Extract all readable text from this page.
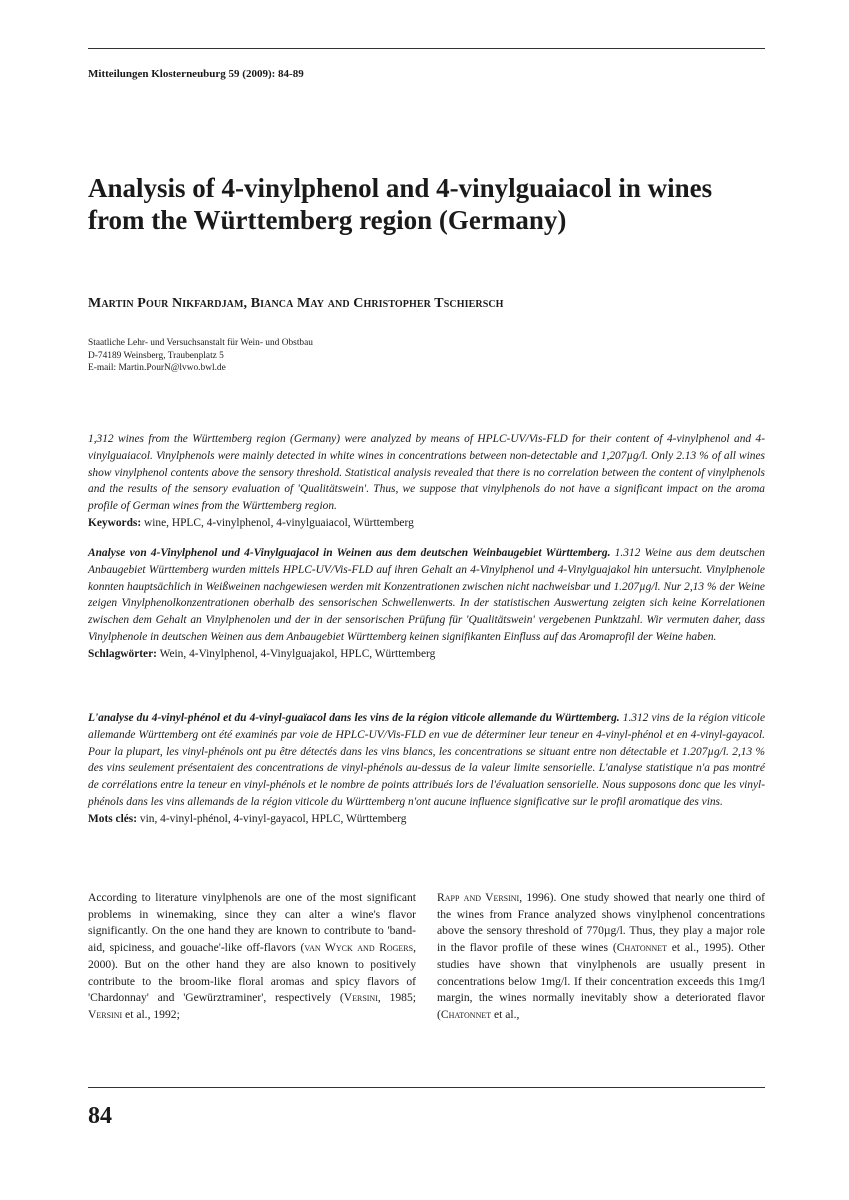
Mitteilungen Klosterneuburg 59 (2009): 84-89
Analysis of 4-vinylphenol and 4-vinylguaiacol in wines from the Württemberg region (Germany)
Martin Pour Nikfardjam, Bianca May and Christopher Tschiersch
Staatliche Lehr- und Versuchsanstalt für Wein- und Obstbau
D-74189 Weinsberg, Traubenplatz 5
E-mail: Martin.PourN@lvwo.bwl.de

1,312 wines from the Württemberg region (Germany) were analyzed by means of HPLC-UV/Vis-FLD for their content of 4-vinylphenol and 4-vinylguaiacol. Vinylphenols were mainly detected in white wines in concentrations between non-detectable and 1,207µg/l. Only 2.13 % of all wines show vinylphenol contents above the sensory threshold. Statistical analysis revealed that there is no correlation between the content of vinylphenols and the results of the sensory evaluation of 'Qualitätswein'. Thus, we suppose that vinylphenols do not have a significant impact on the aroma profile of German wines from the Württemberg region.

Keywords: wine, HPLC, 4-vinylphenol, 4-vinylguaiacol, Württemberg

Analyse von 4-Vinylphenol und 4-Vinylguajacol in Weinen aus dem deutschen Weinbaugebiet Württemberg. 1.312 Weine aus dem deutschen Anbaugebiet Württemberg wurden mittels HPLC-UV/Vis-FLD auf ihren Gehalt an 4-Vinylphenol und 4-Vinylguajakol hin untersucht. Vinylphenole konnten hauptsächlich in Weißweinen nachgewiesen werden mit Konzentrationen zwischen nicht nachweisbar und 1.207µg/l. Nur 2,13 % der Weine zeigen Vinylphenolkonzentrationen oberhalb des sensorischen Schwellenwerts. In der statistischen Auswertung zeigten sich keine Korrelationen zwischen dem Gehalt an Vinylphenolen und der in der sensorischen Prüfung für 'Qualitätswein' vergebenen Punktzahl. Wir vermuten daher, dass Vinylphenole in deutschen Weinen aus dem Anbaugebiet Württemberg keinen signifikanten Einfluss auf das Aromaprofil der Weine haben.

Schlagwörter: Wein, 4-Vinylphenol, 4-Vinylguajakol, HPLC, Württemberg

L'analyse du 4-vinyl-phénol et du 4-vinyl-guaïacol dans les vins de la région viticole allemande du Württemberg. 1.312 vins de la région viticole allemande Württemberg ont été examinés par voie de HPLC-UV/Vis-FLD en vue de déterminer leur teneur en 4-vinyl-phénol et en 4-vinyl-gayacol. Pour la plupart, les vinyl-phénols ont pu être détectés dans les vins blancs, les concentrations se situant entre non détectable et 1.207µg/l. 2,13 % des vins seulement présentaient des concentrations de vinyl-phénols au-dessus de la valeur limite sensorielle. L'analyse statistique n'a pas montré de corrélations entre la teneur en vinyl-phénols et le nombre de points attribués lors de l'évaluation sensorielle. Nous supposons donc que les vinyl-phénols dans les vins allemands de la région viticole du Württemberg n'ont aucune influence significative sur le profil aromatique des vins.

Mots clés: vin, 4-vinyl-phénol, 4-vinyl-gayacol, HPLC, Württemberg

According to literature vinylphenols are one of the most significant problems in winemaking, since they can alter a wine's flavor significantly. On the one hand they are known to contribute to 'band-aid, spiciness, and gouache'-like off-flavors (van Wyck and Rogers, 2000). But on the other hand they are also known to positively contribute to the broom-like floral aromas and spicy flavors of 'Chardonnay' and 'Gewürztraminer', respectively (Versini, 1985; Versini et al., 1992;

Rapp and Versini, 1996). One study showed that nearly one third of the wines from France analyzed shows vinylphenol concentrations above the sensory threshold of 770µg/l. Thus, they play a major role in the flavor profile of these wines (Chatonnet et al., 1995). Other studies have shown that vinylphenols are usually present in concentrations below 1mg/l. If their concentration exceeds this 1mg/l margin, the wines normally inevitably show a deteriorated flavor (Chatonnet et al.,

84
